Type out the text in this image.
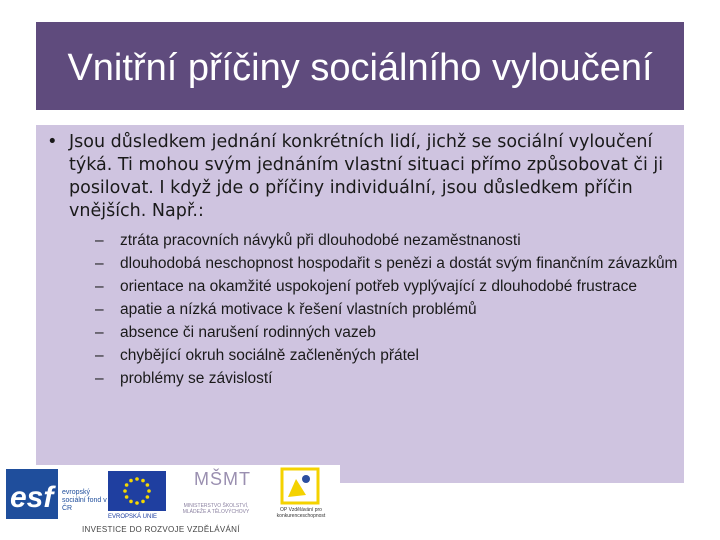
Vnitřní příčiny sociálního vyloučení
• Jsou důsledkem jednání konkrétních lidí, jichž se sociální vyloučení týká. Ti mohou svým jednáním vlastní situaci přímo způsobovat či ji posilovat. I když jde o příčiny individuální, jsou důsledkem příčin vnějších. Např.:
– ztráta pracovních návyků při dlouhodobé nezaměstnanosti
– dlouhodobá neschopnost hospodařit s penězi a dostát svým finančním závazkům
– orientace na okamžité uspokojení potřeb vyplývající z dlouhodobé frustrace
– apatie a nízká motivace k řešení vlastních problémů
– absence či narušení rodinných vazeb
– chybějící okruh sociálně začleněných přátel
– problémy se závislostí
esf	evropský sociální fond v ČR
EVROPSKÁ UNIE
MŠMT
MINISTERSTVO ŠKOLSTVÍ, MLÁDEŽE A TĚLOVÝCHOVY	OP Vzdělávání pro konkurenceschopnost
INVESTICE DO ROZVOJE VZDĚLÁVÁNÍ
